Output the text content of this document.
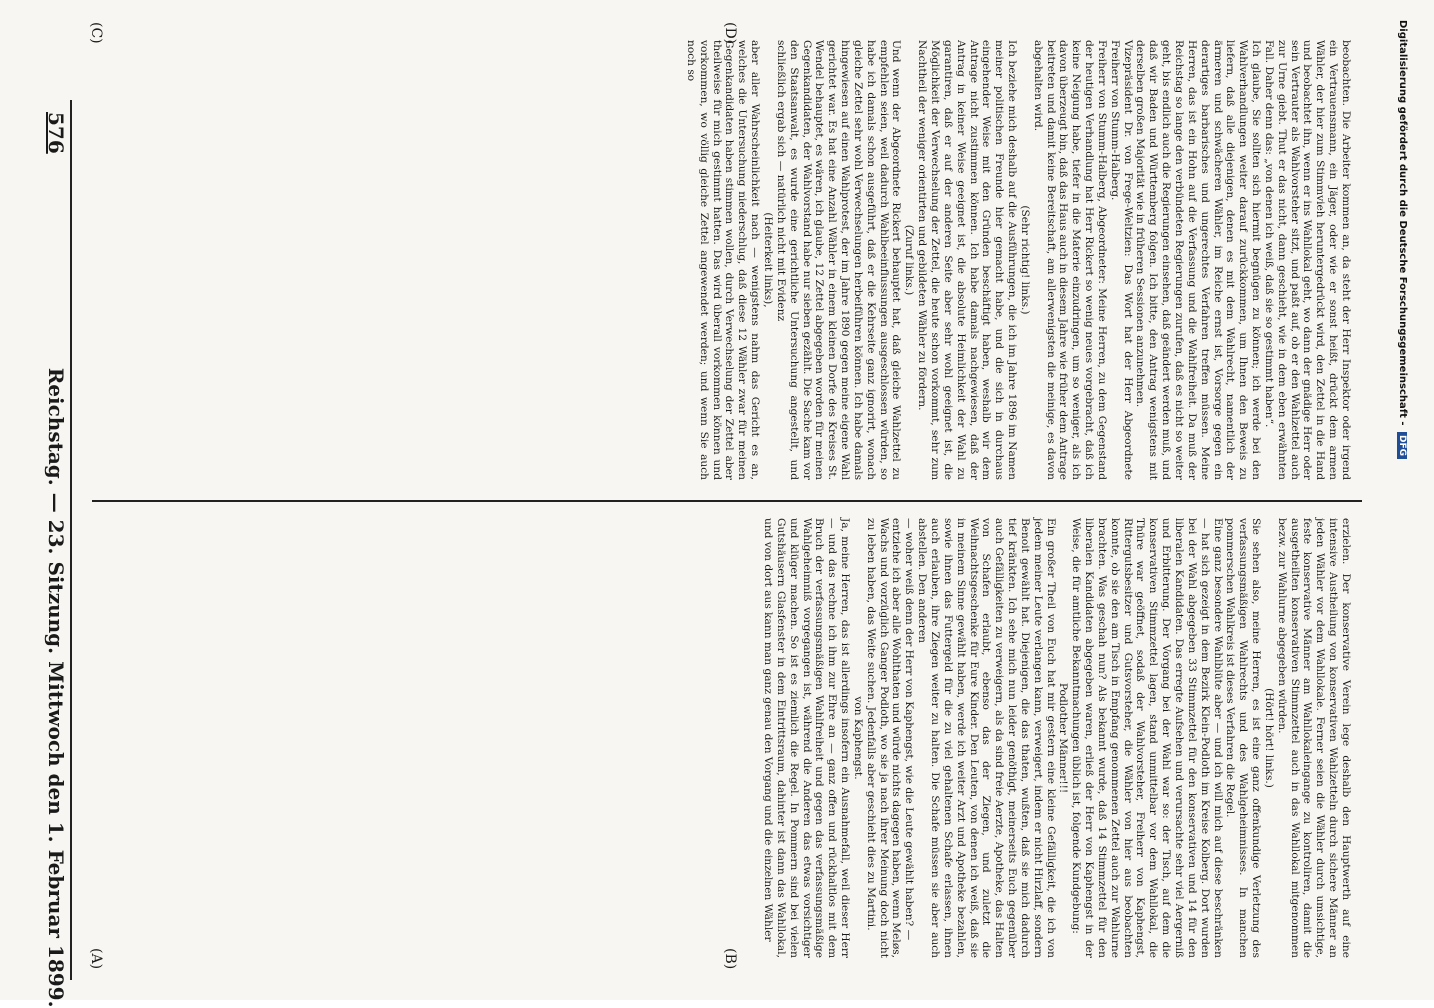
576  Reichstag. — 23. Sitzung. Mittwoch den 1. Februar 1899. (A)	(B)
(C)	(D)

erzielen. Der konservative Verein lege deshalb den Hauptwerth auf eine intensive Austheilung von konservativen Wahlzetteln durch sichere Männer an jeden Wähler vor dem Wahllokale. Ferner seien die Wähler durch umsichtige, feste konservative Männer am Wahllokaleingange zu kontroliren, damit die ausgetheilten konservativen Stimmzettel auch in das Wahllokal mitgenommen bezw. zur Wahlurne abgegeben würden.

(Hört! hört! links.)

Sie sehen also, meine Herren, es ist eine ganz offenkundige Verletzung des verfassungsmäßigen Wahlrechts und des Wahlgeheimnisses. In manchen pommerschen Wahlkreis ist dieses Verfahren die Regel.

Eine ganz besondere Wahlblüte aber — und ich will mich auf diese beschränken — hat sich gezeigt in dem Bezirk Klein-Podloth im Kreise Kolberg. Dort wurden bei der Wahl abgegeben 33 Stimmzettel für den konservativen und 14 für den liberalen Kandidaten. Das erregte Aufsehen und verursachte sehr viel Aergerniß und Erbitterung. Der Vorgang bei der Wahl war so: der Tisch, auf dem die konservativen Stimmzettel lagen, stand unmittelbar vor dem Wahllokal, die Thüre war geöffnet, sodaß der Wahlvorsteher, Freiherr von Kaphengst, Rittergutsbesitzer und Gutsvorsteher, die Wähler von hier aus beobachten konnte, ob sie den am Tisch in Empfang genommenen Zettel auch zur Wahlurne brachten. Was geschah nun? Als bekannt wurde, daß 14 Stimmzettel für den liberalen Kandidaten abgegeben waren, erließ der Herr von Kaphengst in der Weise, die für amtliche Bekanntmachungen üblich ist, folgende Kundgebung:

Podlother Männer!!!

Ein großer Theil von Euch hat mir gestern eine kleine Gefälligkeit, die ich von jedem meiner Leute verlangen kann, verweigert, indem er nicht Hirzlaff, sondern Benoit gewählt hat. Diejenigen, die das thaten, wußten, daß sie mich dadurch tief kränkten. Ich sehe mich nun leider genöthigt, meinerseits Euch gegenüber auch Gefälligkeiten zu verweigern, als da sind freie Aerzte, Apotheke, das Halten von Schafen erlaubt, ebenso das der Ziegen, und zuletzt die Weihnachtsgeschenke für Eure Kinder. Den Leuten, von denen ich weiß, daß sie in meinem Sinne gewählt haben, werde ich weiter Arzt und Apotheke bezahlen, sowie ihnen das Futtergeld für die zu viel gehaltenen Schafe erlassen, ihnen auch erlauben, ihre Ziegen weiter zu halten. Die Schafe müssen sie aber auch abstellen. Den anderen

— woher weiß denn der Herr von Kaphengst, wie die Leute gewählt haben? —

entziehe ich aber alle Wohlthaten und würde nichts dagegen haben, wenn Meløs, Wachs und vorzüglich Ganger Podloth, wo sie ja nach ihrer Meinung doch nicht zu leben haben, das Weite suchen. Jedenfalls aber geschieht dies zu Martini.

von Kaphengst.

Ja, meine Herren, das ist allerdings insofern ein Ausnahmefall, weil dieser Herr — und das rechne ich ihm zur Ehre an — ganz offen und rückhaltlos mit dem Bruch der verfassungsmäßigen Wahlfreiheit und gegen das verfassungsmäßige Wahlgeheimniß vorgegangen ist, während die Anderen das etwas vorsichtiger und klüger machen. So ist es ziemlich die Regel. In Pommern sind bei vielen Gutshäusern Glasfenster in dem Eintrittsraum, dahinter ist dann das Wahllokal, und von dort aus kann man ganz genau den Vorgang und die einzelnen Wähler

beobachten. Die Arbeiter kommen an, da steht der Herr Inspektor oder irgend ein Vertrauensmann, ein Jäger, oder wie er sonst heißt, drückt dem armen Wähler, der hier zum Stimmvieh heruntergedrückt wird, den Zettel in die Hand und beobachtet ihn, wenn er ins Wahllokal geht, wo dann der gnädige Herr oder sein Vertrauter als Wahlvorsteher sitzt, und paßt auf, ob er den Wahlzettel auch zur Urne giebt. Thut er das nicht, dann geschieht, wie in dem eben erwähnten Fall. Daher denn das: „von denen ich weiß, daß sie so gestimmt haben“.

Ich glaube, Sie sollten sich hiermit begnügen zu können; ich werde bei den Wahlverhandlungen weiter darauf zurückkommen, um Ihnen den Beweis zu liefern, daß alle diejenigen, denen es mit dem Wahlrecht, namentlich der ärmeren und schwächeren Wähler, im Reiche ernst ist, Vorsorge gegen ein derartiges barbarisches und ungerechtes Verfahren treffen müssen. Meine Herren, das ist ein Hohn auf die Verfassung und die Wahlfreiheit. Da muß der Reichstag so lange den verbündeten Regierungen zurufen, daß es nicht so weiter geht, bis endlich auch die Regierungen einsehen, daß geändert werden muß, und daß wir Baden und Württemberg folgen. Ich bitte, den Antrag wenigstens mit derselben großen Majorität wie in früheren Sessionen anzunehmen.

Vizepräsident Dr. von Frege-Weltzien: Das Wort hat der Herr Abgeordnete Freiherr von Stumm-Halberg.

Freiherr von Stumm-Halberg, Abgeordneter: Meine Herren, zu dem Gegenstand der heutigen Verhandlung hat Herr Rickert so wenig neues vorgebracht, daß ich keine Neigung habe, tiefer in die Materie einzudringen, um so weniger, als ich davon überzeugt bin, daß das Haus auch in diesem Jahre wie früher dem Antrage beitreten und damit keine Bereitschaft, am allerwenigsten die meinige, es davon abgehalten wird.

(Sehr richtig! links.)

Ich beziehe mich deshalb auf die Ausführungen, die ich im Jahre 1896 im Namen meiner politischen Freunde hier gemacht habe, und die sich in durchaus eingehender Weise mit den Gründen beschäftigt haben, weshalb wir dem Antrage nicht zustimmen können. Ich habe damals nachgewiesen, daß der Antrag in keiner Weise geeignet ist, die absolute Heimlichkeit der Wahl zu garantiren, daß er auf der anderen Seite aber sehr wohl geeignet ist, die Möglichkeit der Verwechselung der Zettel, die heute schon vorkommt, sehr zum Nachtheil der weniger orientirten und gebildeten Wähler zu fördern.

(Zuruf links.)

Und wenn der Abgeordnete Rickert behauptet hat, daß gleiche Wahlzettel zu empfehlen seien, weil dadurch Wahlbeeinflussungen ausgeschlossen würden, so habe ich damals schon ausgeführt, daß er die Kehrseite ganz ignorirt, wonach gleiche Zettel sehr wohl Verwechselungen herbeiführen können. Ich habe damals hingewiesen auf einen Wahlprotest, der im Jahre 1890 gegen meine eigene Wahl gerichtet war. Es hat eine Anzahl Wähler in einem kleinen Dorfe des Kreises St. Wendel behauptet, es wären, ich glaube, 12 Zettel abgegeben worden für meinen Gegenkandidaten, der Wahlvorstand habe nur sieben gezählt. Die Sache kam vor den Staatsanwalt, es wurde eine gerichtliche Untersuchung angestellt, und schließlich ergab sich — natürlich nicht mit Evidenz

(Heiterkeit links),

aber aller Wahrscheinlichkeit nach — wenigstens nahm das Gericht es an, welches die Untersuchung niederschlug, daß diese 12 Wähler zwar für meinen Gegenkandidaten haben stimmen wollen, durch Verwechselung der Zettel aber theilweise für mich gestimmt hatten. Das wird überall vorkommen können und vorkommen, wo völlig gleiche Zettel angewendet werden; und wenn Sie auch noch so	Digitalisierung gefördert durch die Deutsche Forschungsgemeinschaft - DFG
